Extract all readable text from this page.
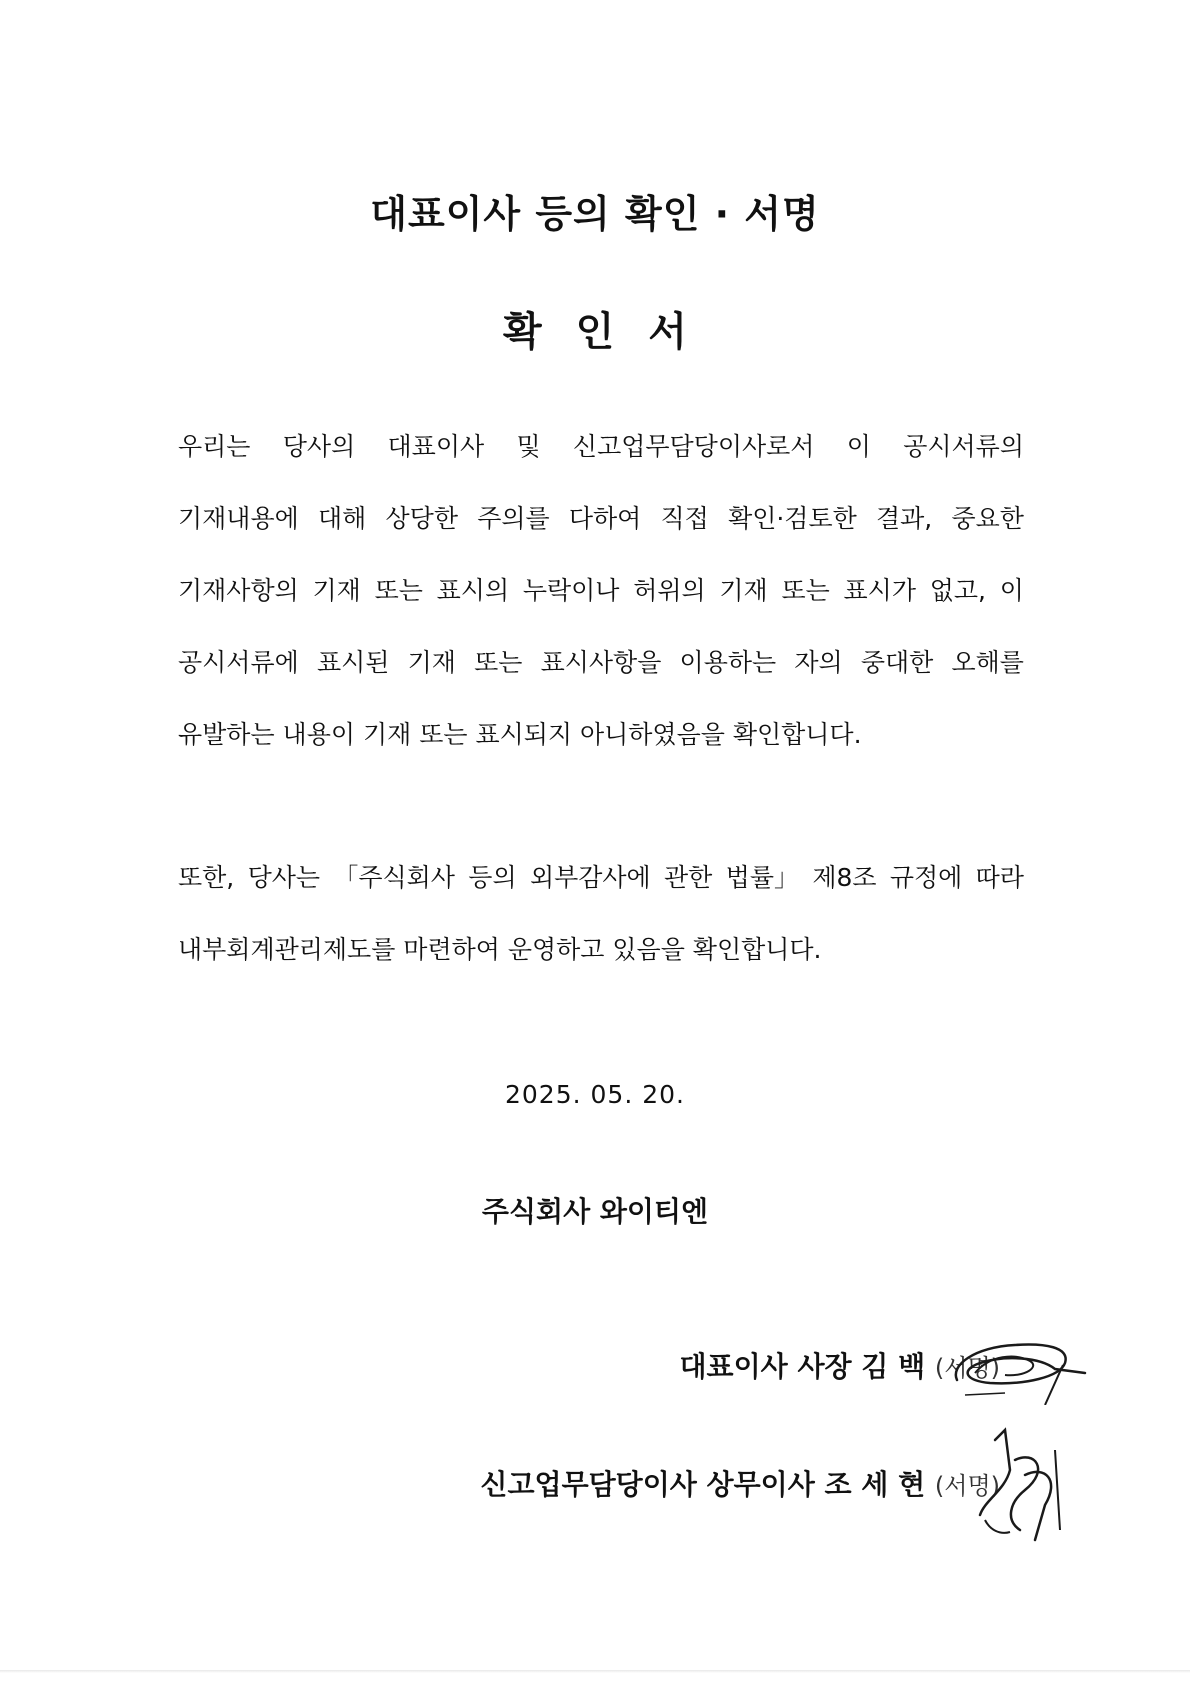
대표이사 등의 확인 · 서명
확인서
우리는 당사의 대표이사 및 신고업무담당이사로서 이 공시서류의
기재내용에 대해 상당한 주의를 다하여 직접 확인·검토한 결과, 중요한
기재사항의 기재 또는 표시의 누락이나 허위의 기재 또는 표시가 없고, 이
공시서류에 표시된 기재 또는 표시사항을 이용하는 자의 중대한 오해를
유발하는 내용이 기재 또는 표시되지 아니하였음을 확인합니다.
또한, 당사는 「주식회사 등의 외부감사에 관한 법률」 제8조 규정에 따라
내부회계관리제도를 마련하여 운영하고 있음을 확인합니다.
2025. 05. 20.
주식회사 와이티엔
대표이사 사장 김 백 (서명)
신고업무담당이사 상무이사 조 세 현 (서명)
